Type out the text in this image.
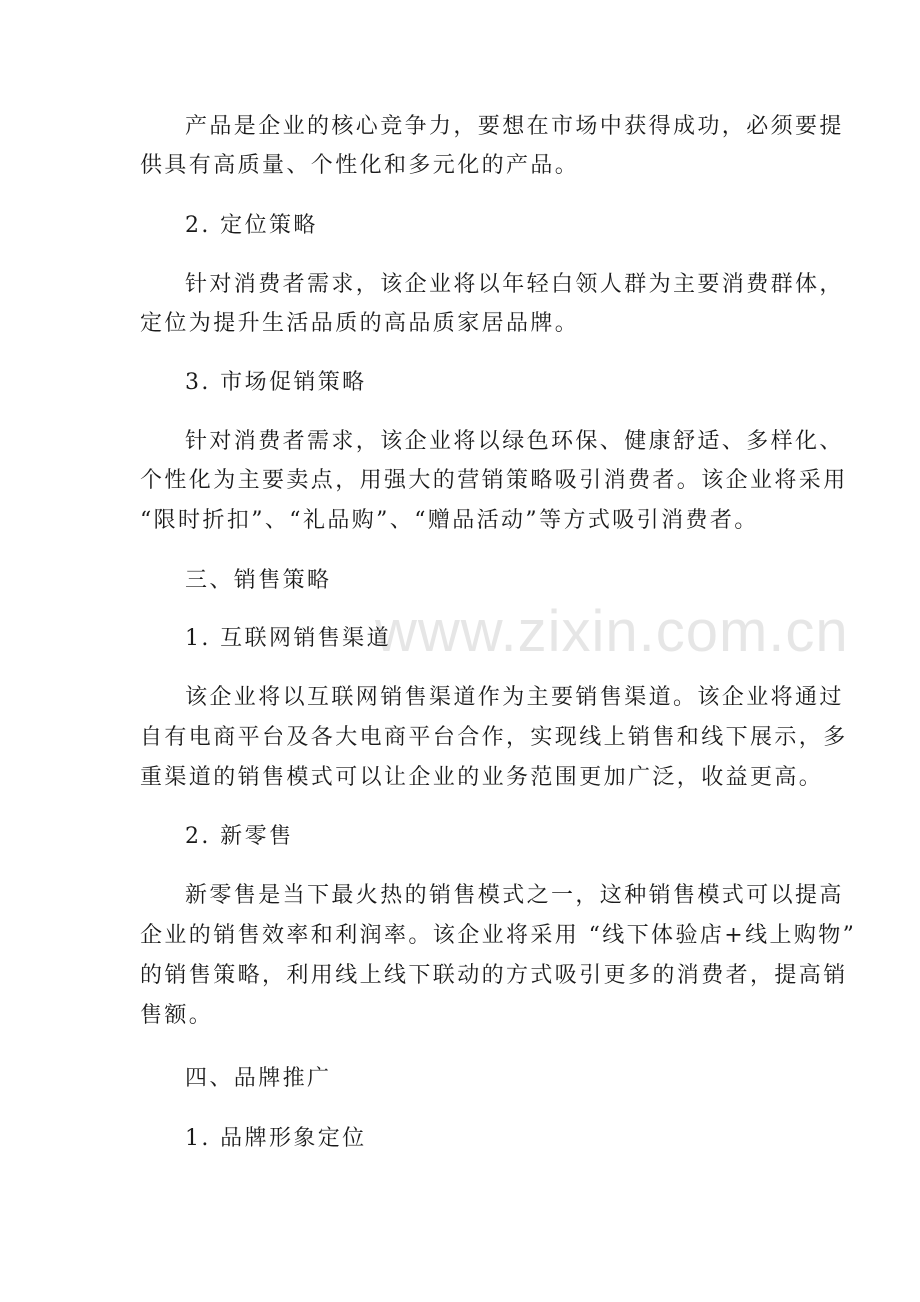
www.zixin.com.cn
产品是企业的核心竞争力，要想在市场中获得成功，必须要提
供具有高质量、个性化和多元化的产品。
2. 定位策略
针对消费者需求，该企业将以年轻白领人群为主要消费群体，
定位为提升生活品质的高品质家居品牌。
3. 市场促销策略
针对消费者需求，该企业将以绿色环保、健康舒适、多样化、
个性化为主要卖点，用强大的营销策略吸引消费者。该企业将采用
“限时折扣”、“礼品购”、“赠品活动”等方式吸引消费者。
三、销售策略
1. 互联网销售渠道
该企业将以互联网销售渠道作为主要销售渠道。该企业将通过
自有电商平台及各大电商平台合作，实现线上销售和线下展示，多
重渠道的销售模式可以让企业的业务范围更加广泛，收益更高。
2. 新零售
新零售是当下最火热的销售模式之一，这种销售模式可以提高
企业的销售效率和利润率。该企业将采用 “线下体验店+线上购物”
的销售策略，利用线上线下联动的方式吸引更多的消费者，提高销
售额。
四、品牌推广
1. 品牌形象定位
